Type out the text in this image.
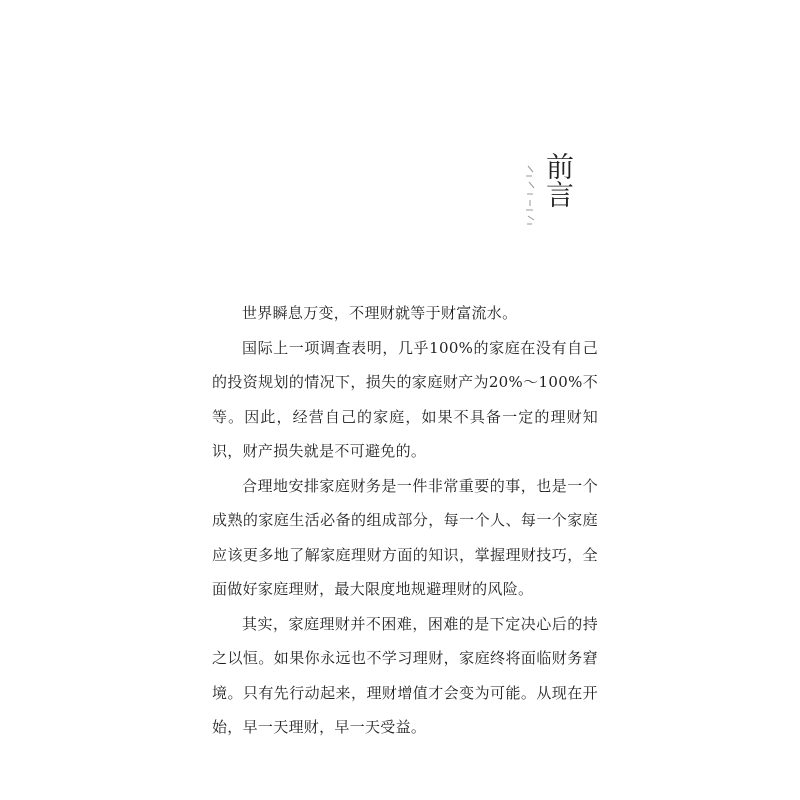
前言

世界瞬息万变，不理财就等于财富流水。

国际上一项调查表明，几乎100%的家庭在没有自己的投资规划的情况下，损失的家庭财产为20%～100%不等。因此，经营自己的家庭，如果不具备一定的理财知识，财产损失就是不可避免的。

合理地安排家庭财务是一件非常重要的事，也是一个成熟的家庭生活必备的组成部分，每一个人、每一个家庭应该更多地了解家庭理财方面的知识，掌握理财技巧，全面做好家庭理财，最大限度地规避理财的风险。

其实，家庭理财并不困难，困难的是下定决心后的持之以恒。如果你永远也不学习理财，家庭终将面临财务窘境。只有先行动起来，理财增值才会变为可能。从现在开始，早一天理财，早一天受益。
